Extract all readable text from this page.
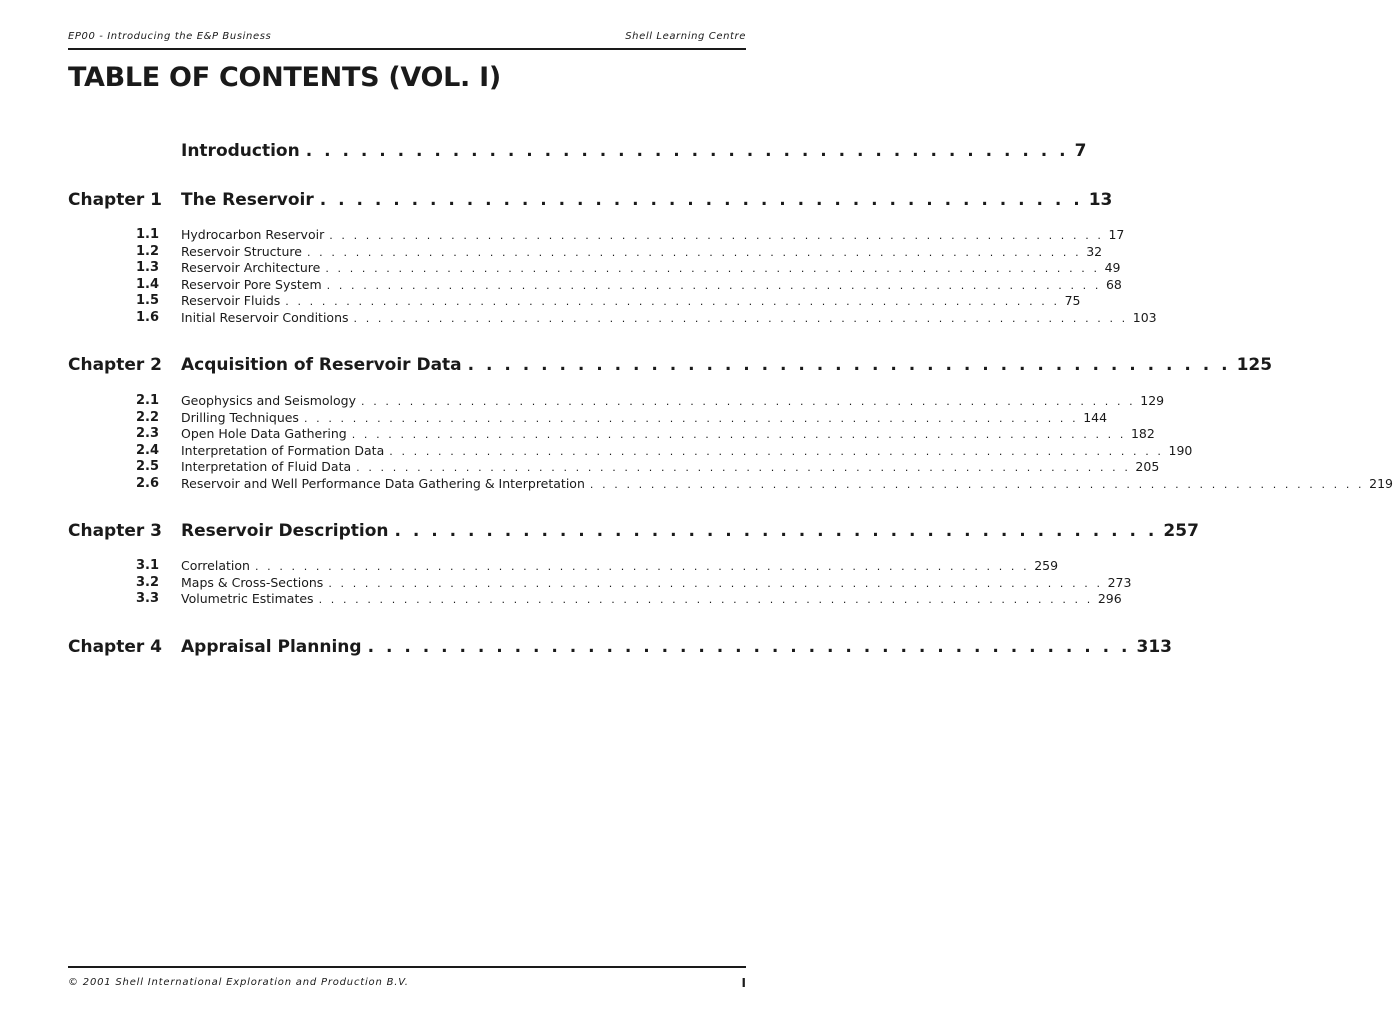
EP00 - Introducing the E&P Business	Shell Learning Centre
TABLE OF CONTENTS (VOL. I)
Introduction . . . . . . . . . . . . . . . . . . . . . . . . . . . . . . . . . . . . . . . . . . 7
Chapter 1 The Reservoir . . . . . . . . . . . . . . . . . . . . . . . . . . . . . . . . . . . . . . . . . . 13
1.1 Hydrocarbon Reservoir . . . . . . . . . . . . . . . . . . . . . . . . . . . . . . . . . . . . . . . . . . . . . . . . . . . . . . . . . . . . . . . . 17
1.2 Reservoir Structure . . . . . . . . . . . . . . . . . . . . . . . . . . . . . . . . . . . . . . . . . . . . . . . . . . . . . . . . . . . . . . . . 32
1.3 Reservoir Architecture . . . . . . . . . . . . . . . . . . . . . . . . . . . . . . . . . . . . . . . . . . . . . . . . . . . . . . . . . . . . . . . . 49
1.4 Reservoir Pore System . . . . . . . . . . . . . . . . . . . . . . . . . . . . . . . . . . . . . . . . . . . . . . . . . . . . . . . . . . . . . . . . 68
1.5 Reservoir Fluids . . . . . . . . . . . . . . . . . . . . . . . . . . . . . . . . . . . . . . . . . . . . . . . . . . . . . . . . . . . . . . . . 75
1.6 Initial Reservoir Conditions . . . . . . . . . . . . . . . . . . . . . . . . . . . . . . . . . . . . . . . . . . . . . . . . . . . . . . . . . . . . . . . . 103
Chapter 2 Acquisition of Reservoir Data . . . . . . . . . . . . . . . . . . . . . . . . . . . . . . . . . . . . . . . . . . 125
2.1 Geophysics and Seismology . . . . . . . . . . . . . . . . . . . . . . . . . . . . . . . . . . . . . . . . . . . . . . . . . . . . . . . . . . . . . . . . 129
2.2 Drilling Techniques . . . . . . . . . . . . . . . . . . . . . . . . . . . . . . . . . . . . . . . . . . . . . . . . . . . . . . . . . . . . . . . . 144
2.3 Open Hole Data Gathering . . . . . . . . . . . . . . . . . . . . . . . . . . . . . . . . . . . . . . . . . . . . . . . . . . . . . . . . . . . . . . . . 182
2.4 Interpretation of Formation Data . . . . . . . . . . . . . . . . . . . . . . . . . . . . . . . . . . . . . . . . . . . . . . . . . . . . . . . . . . . . . . . . 190
2.5 Interpretation of Fluid Data . . . . . . . . . . . . . . . . . . . . . . . . . . . . . . . . . . . . . . . . . . . . . . . . . . . . . . . . . . . . . . . . 205
2.6 Reservoir and Well Performance Data Gathering & Interpretation . . . . . . . . . . . . . . . . . . . . . . . . . . . . . . . . . . . . . . . . . . . . . . . . . . . . . . . . . . . . . . . . 219
Chapter 3 Reservoir Description . . . . . . . . . . . . . . . . . . . . . . . . . . . . . . . . . . . . . . . . . . 257
3.1 Correlation . . . . . . . . . . . . . . . . . . . . . . . . . . . . . . . . . . . . . . . . . . . . . . . . . . . . . . . . . . . . . . . . 259
3.2 Maps & Cross-Sections . . . . . . . . . . . . . . . . . . . . . . . . . . . . . . . . . . . . . . . . . . . . . . . . . . . . . . . . . . . . . . . . 273
3.3 Volumetric Estimates . . . . . . . . . . . . . . . . . . . . . . . . . . . . . . . . . . . . . . . . . . . . . . . . . . . . . . . . . . . . . . . . 296
Chapter 4 Appraisal Planning . . . . . . . . . . . . . . . . . . . . . . . . . . . . . . . . . . . . . . . . . . 313
© 2001 Shell International Exploration and Production B.V.	I
